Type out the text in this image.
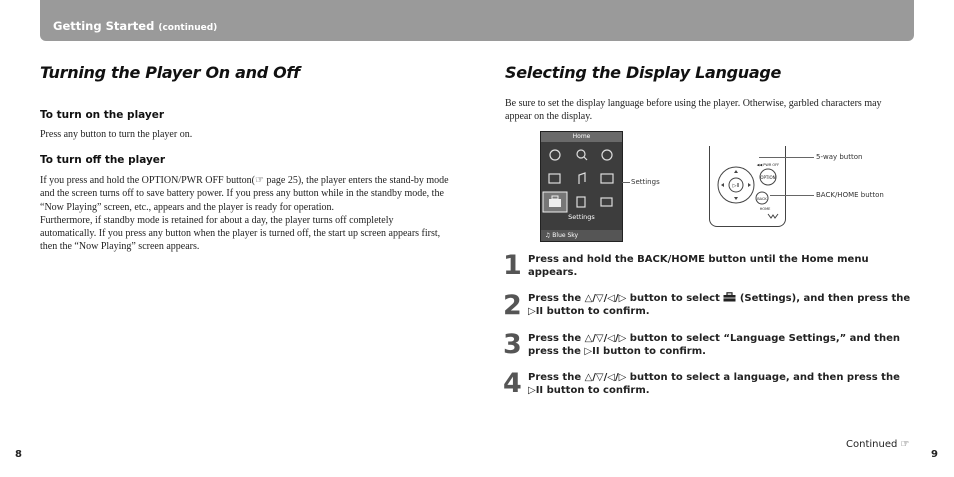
Getting Started (continued)
Turning the Player On and Off
To turn on the player
Press any button to turn the player on.
To turn off the player
If you press and hold the OPTION/PWR OFF button(☞ page 25), the player enters the stand-by mode and the screen turns off to save battery power. If you press any button while in the standby mode, the “Now Playing” screen, etc., appears and the player is ready for operation.
Furthermore, if standby mode is retained for about a day, the player turns off completely automatically. If you press any button when the player is turned off, the start up screen appears first, then the “Now Playing” screen appears.
Selecting the Display Language
Be sure to set the display language before using the player. Otherwise, garbled characters may appear on the display.
Home
Settings
♫ Blue Sky
Settings	▷II
OPTION
◀◀ PWR OFF
BACK
HOME
5-way button
BACK/HOME button
1 Press and hold the BACK/HOME button until the Home menu appears.
2 Press the △/▽/◁/▷ button to select  (Settings), and then press the ▷II button to confirm.
3 Press the △/▽/◁/▷ button to select “Language Settings,” and then press the ▷II button to confirm.
4 Press the △/▽/◁/▷ button to select a language, and then press the ▷II button to confirm.
8
Continued ☞
9
